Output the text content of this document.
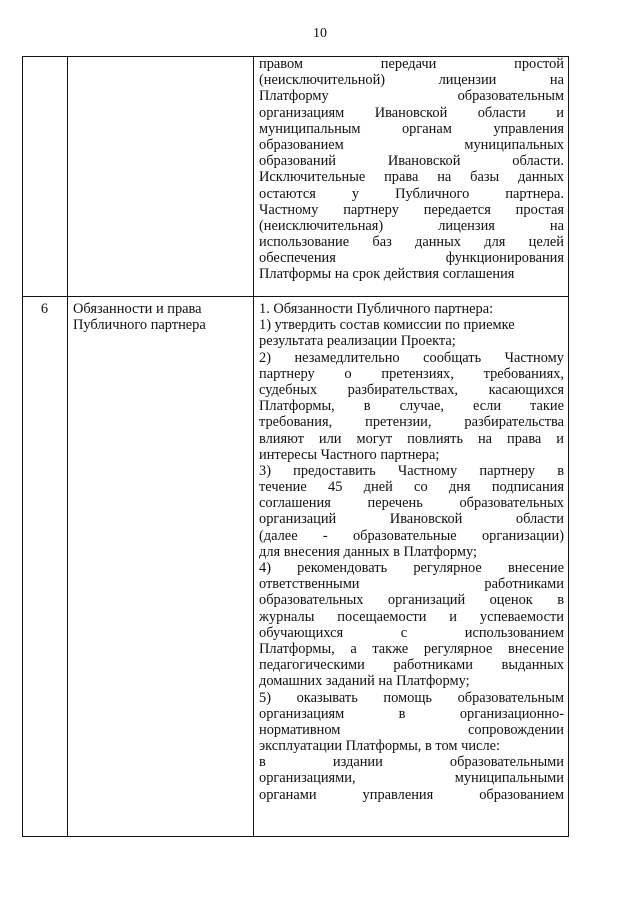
10
правом передачи простой
(неисключительной) лицензии на
Платформу образовательным
организациям Ивановской области и
муниципальным органам управления
образованием муниципальных
образований Ивановской области.
Исключительные права на базы данных
остаются у Публичного партнера.
Частному партнеру передается простая
(неисключительная) лицензия на
использование баз данных для целей
обеспечения функционирования
Платформы на срок действия соглашения
6	Обязанности и права
Публичного партнера
1. Обязанности Публичного партнера:
1) утвердить состав комиссии по приемке
результата реализации Проекта;
2) незамедлительно сообщать Частному
партнеру о претензиях, требованиях,
судебных разбирательствах, касающихся
Платформы, в случае, если такие
требования, претензии, разбирательства
влияют или могут повлиять на права и
интересы Частного партнера;
3) предоставить Частному партнеру в
течение 45 дней со дня подписания
соглашения перечень образовательных
организаций Ивановской области
(далее - образовательные организации)
для внесения данных в Платформу;
4) рекомендовать регулярное внесение
ответственными работниками
образовательных организаций оценок в
журналы посещаемости и успеваемости
обучающихся с использованием
Платформы, а также регулярное внесение
педагогическими работниками выданных
домашних заданий на Платформу;
5) оказывать помощь образовательным
организациям в организационно-
нормативном сопровождении
эксплуатации Платформы, в том числе:
в издании образовательными
организациями, муниципальными
органами управления образованием
